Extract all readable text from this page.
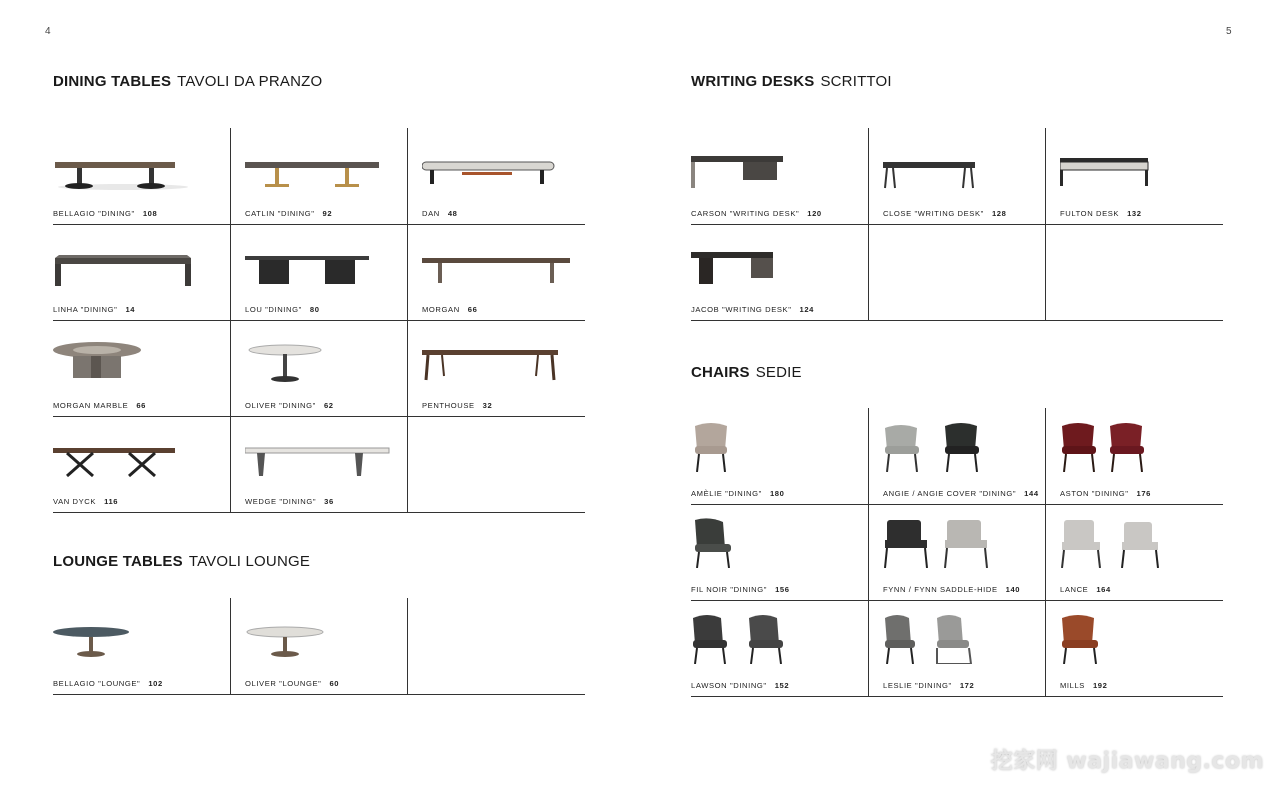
4	5
DINING TABLES TAVOLI DA PRANZO
BELLAGIO "DINING" 108	CATLIN "DINING" 92	DAN 48
LINHA "DINING" 14	LOU "DINING" 80	MORGAN 66
MORGAN MARBLE 66	OLIVER "DINING" 62	PENTHOUSE 32
VAN DYCK 116	WEDGE "DINING" 36
LOUNGE TABLES TAVOLI LOUNGE
BELLAGIO "LOUNGE" 102	OLIVER "LOUNGE" 60
WRITING DESKS SCRITTOI
CARSON "WRITING DESK" 120	CLOSE "WRITING DESK" 128	FULTON DESK 132
JACOB "WRITING DESK" 124
CHAIRS SEDIE
AMÈLIE "DINING" 180	ANGIE / ANGIE COVER "DINING" 144	ASTON "DINING" 176
FIL NOIR "DINING" 156	FYNN / FYNN SADDLE-HIDE 140	LANCE 164
LAWSON "DINING" 152	LESLIE "DINING" 172	MILLS 192
挖家网 wajiawang.com
